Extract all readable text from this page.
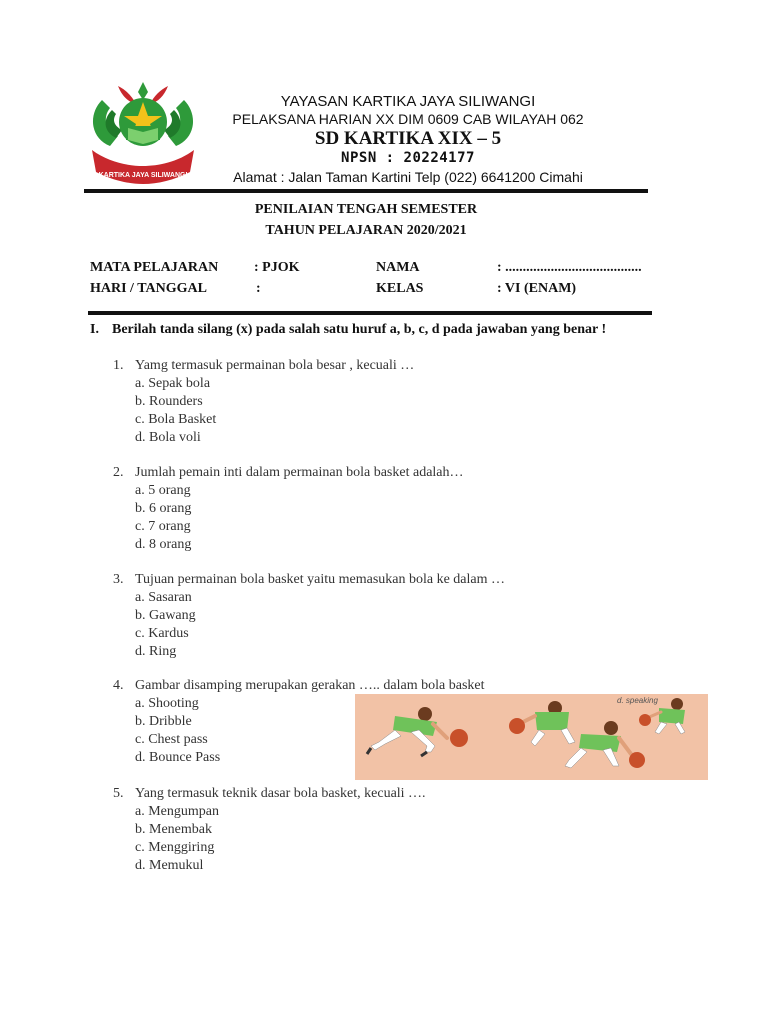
KARTIKA JAYA SILIWANGI
YAYASAN KARTIKA JAYA SILIWANGI
PELAKSANA HARIAN XX DIM 0609 CAB WILAYAH 062
SD KARTIKA XIX – 5
NPSN : 20224177
Alamat : Jalan Taman Kartini Telp (022) 6641200 Cimahi
PENILAIAN TENGAH SEMESTER
TAHUN PELAJARAN 2020/2021
MATA PELAJARAN	: PJOK
HARI / TANGGAL	:
NAMA	: .......................................
KELAS	: VI (ENAM)
I. Berilah tanda silang (x) pada salah satu huruf a, b, c, d pada jawaban yang benar !
1. Yamg termasuk permainan bola besar , kecuali …
a. Sepak bola
b. Rounders
c. Bola Basket
d. Bola voli
2. Jumlah pemain inti dalam permainan bola basket adalah…
a. 5 orang
b. 6 orang
c. 7 orang
d. 8 orang
3. Tujuan permainan bola basket yaitu memasukan bola ke dalam …
a. Sasaran
b. Gawang
c. Kardus
d. Ring
4. Gambar disamping merupakan gerakan ….. dalam bola basket
a. Shooting
b. Dribble
c. Chest pass
d. Bounce Pass
5. Yang termasuk teknik dasar bola basket, kecuali ….
a. Mengumpan
b. Menembak
c. Menggiring
d. Memukul
d. speaking
